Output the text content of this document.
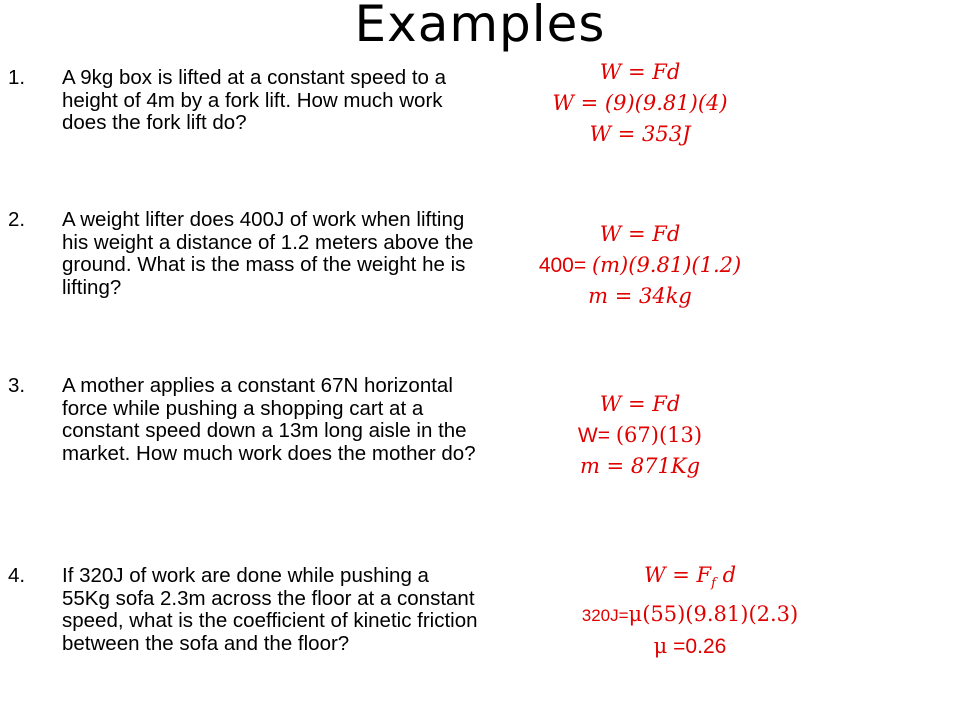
Examples
1.	A 9kg box is lifted at a constant speed to a height of 4m by a fork lift. How much work does the fork lift do?
2.	A weight lifter does 400J of work when lifting his weight a distance of 1.2 meters above the ground. What is the mass of the weight he is lifting?
3.	A mother applies a constant 67N horizontal force while pushing a shopping cart at a constant speed down a 13m long aisle in the market. How much work does the mother do?
4.	If 320J of work are done while pushing a 55Kg sofa 2.3m across the floor at a constant speed, what is the coefficient of kinetic friction between the sofa and the floor?
W = Fd
W = (9)(9.81)(4)
W = 353J
W = Fd
400= (m)(9.81)(1.2)
m = 34kg
W = Fd
W= (67)(13)
m = 871Kg
$W = F_f$ d
320J=μ(55)(9.81)(2.3)
μ =0.26
